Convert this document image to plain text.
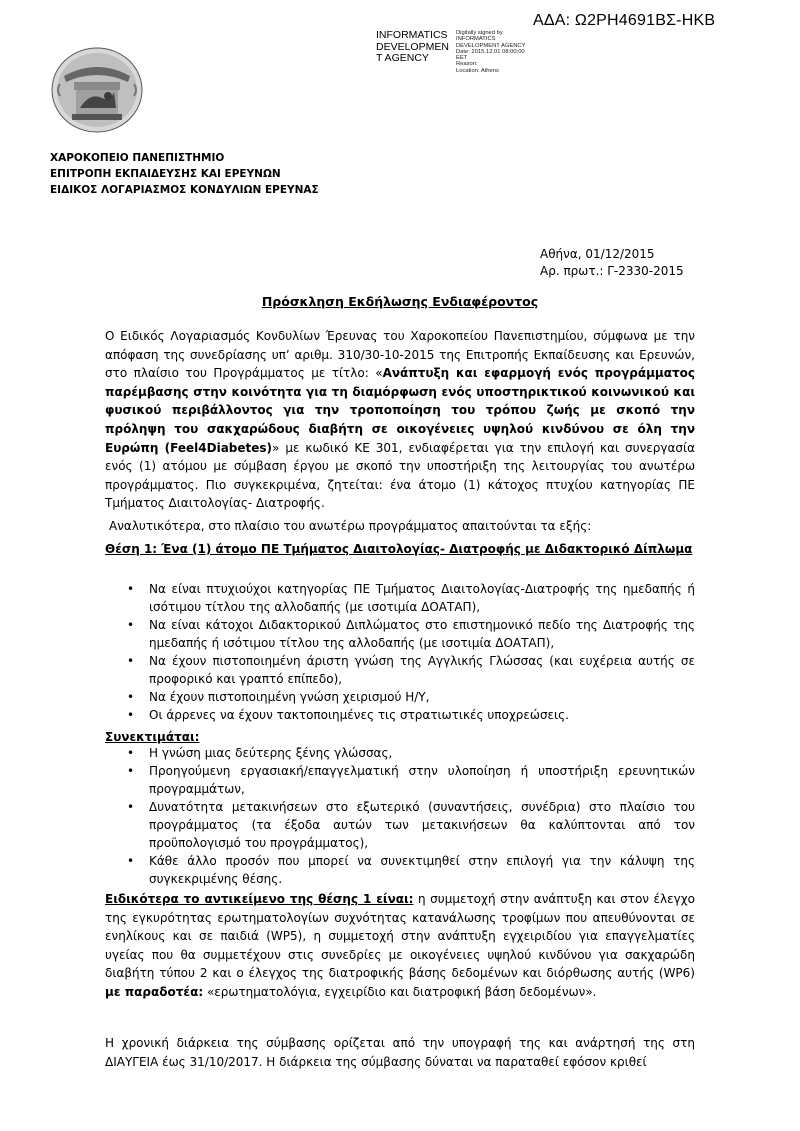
ΑΔΑ: Ω2ΡΗ4691ΒΣ-ΗΚΒ
INFORMATICS
DEVELOPMEN
T AGENCY
Digitally signed by
INFORMATICS
DEVELOPMENT AGENCY
Date: 2015.12.01 08:00:00
EET
Reason:
Location: Athens
ΧΑΡΟΚΟΠΕΙΟ ΠΑΝΕΠΙΣΤΗΜΙΟ
ΕΠΙΤΡΟΠΗ ΕΚΠΑΙΔΕΥΣΗΣ ΚΑΙ ΕΡΕΥΝΩΝ
ΕΙΔΙΚΟΣ ΛΟΓΑΡΙΑΣΜΟΣ ΚΟΝΔΥΛΙΩΝ ΕΡΕΥΝΑΣ
Αθήνα, 01/12/2015
Αρ. πρωτ.: Γ-2330-2015
Πρόσκληση Εκδήλωσης Ενδιαφέροντος

Ο Ειδικός Λογαριασμός Κονδυλίων Έρευνας του Χαροκοπείου Πανεπιστημίου, σύμφωνα με την απόφαση της συνεδρίασης υπ’ αριθμ. 310/30-10-2015 της Επιτροπής Εκπαίδευσης και Ερευνών, στο πλαίσιο του Προγράμματος με τίτλο: «Ανάπτυξη και εφαρμογή ενός προγράμματος παρέμβασης στην κοινότητα για τη διαμόρφωση ενός υποστηρικτικού κοινωνικού και φυσικού περιβάλλοντος για την τροποποίηση του τρόπου ζωής με σκοπό την πρόληψη του σακχαρώδους διαβήτη σε οικογένειες υψηλού κινδύνου σε όλη την Ευρώπη (Feel4Diabetes)» με κωδικό ΚΕ 301, ενδιαφέρεται για την επιλογή και συνεργασία ενός (1) ατόμου με σύμβαση έργου με σκοπό την υποστήριξη της λειτουργίας του ανωτέρω προγράμματος. Πιο συγκεκριμένα, ζητείται: ένα άτομο (1) κάτοχος πτυχίου κατηγορίας ΠΕ Τμήματος Διαιτολογίας- Διατροφής.

Αναλυτικότερα, στο πλαίσιο του ανωτέρω προγράμματος απαιτούνται τα εξής:
Θέση 1: Ένα (1) άτομο ΠΕ Τμήματος Διαιτολογίας- Διατροφής με Διδακτορικό Δίπλωμα
• Να είναι πτυχιούχοι κατηγορίας ΠΕ Τμήματος Διαιτολογίας-Διατροφής της ημεδαπής ή ισότιμου τίτλου της αλλοδαπής (με ισοτιμία ΔΟΑΤΑΠ),
• Να είναι κάτοχοι Διδακτορικού Διπλώματος στο επιστημονικό πεδίο της Διατροφής της ημεδαπής ή ισότιμου τίτλου της αλλοδαπής (με ισοτιμία ΔΟΑΤΑΠ),
• Να έχουν πιστοποιημένη άριστη γνώση της Αγγλικής Γλώσσας (και ευχέρεια αυτής σε προφορικό και γραπτό επίπεδο),
• Να έχουν πιστοποιημένη γνώση χειρισμού Η/Υ,
• Οι άρρενες να έχουν τακτοποιημένες τις στρατιωτικές υποχρεώσεις.
Συνεκτιμάται:
• Η γνώση μιας δεύτερης ξένης γλώσσας,
• Προηγούμενη εργασιακή/επαγγελματική στην υλοποίηση ή υποστήριξη ερευνητικών προγραμμάτων,
• Δυνατότητα μετακινήσεων στο εξωτερικό (συναντήσεις, συνέδρια) στο πλαίσιο του προγράμματος (τα έξοδα αυτών των μετακινήσεων θα καλύπτονται από τον προϋπολογισμό του προγράμματος),
• Κάθε άλλο προσόν που μπορεί να συνεκτιμηθεί στην επιλογή για την κάλυψη της συγκεκριμένης θέσης.

Ειδικότερα το αντικείμενο της θέσης 1 είναι: η συμμετοχή στην ανάπτυξη και στον έλεγχο της εγκυρότητας ερωτηματολογίων συχνότητας κατανάλωσης τροφίμων που απευθύνονται σε ενηλίκους και σε παιδιά (WP5), η συμμετοχή στην ανάπτυξη εγχειριδίου για επαγγελματίες υγείας που θα συμμετέχουν στις συνεδρίες με οικογένειες υψηλού κινδύνου για σακχαρώδη διαβήτη τύπου 2 και ο έλεγχος της διατροφικής βάσης δεδομένων και διόρθωσης αυτής (WP6) με παραδοτέα: «ερωτηματολόγια, εγχειρίδιο και διατροφική βάση δεδομένων».

Η χρονική διάρκεια της σύμβασης ορίζεται από την υπογραφή της και ανάρτησή της στη ΔΙΑΥΓΕΙΑ έως 31/10/2017. Η διάρκεια της σύμβασης δύναται να παραταθεί εφόσον κριθεί
